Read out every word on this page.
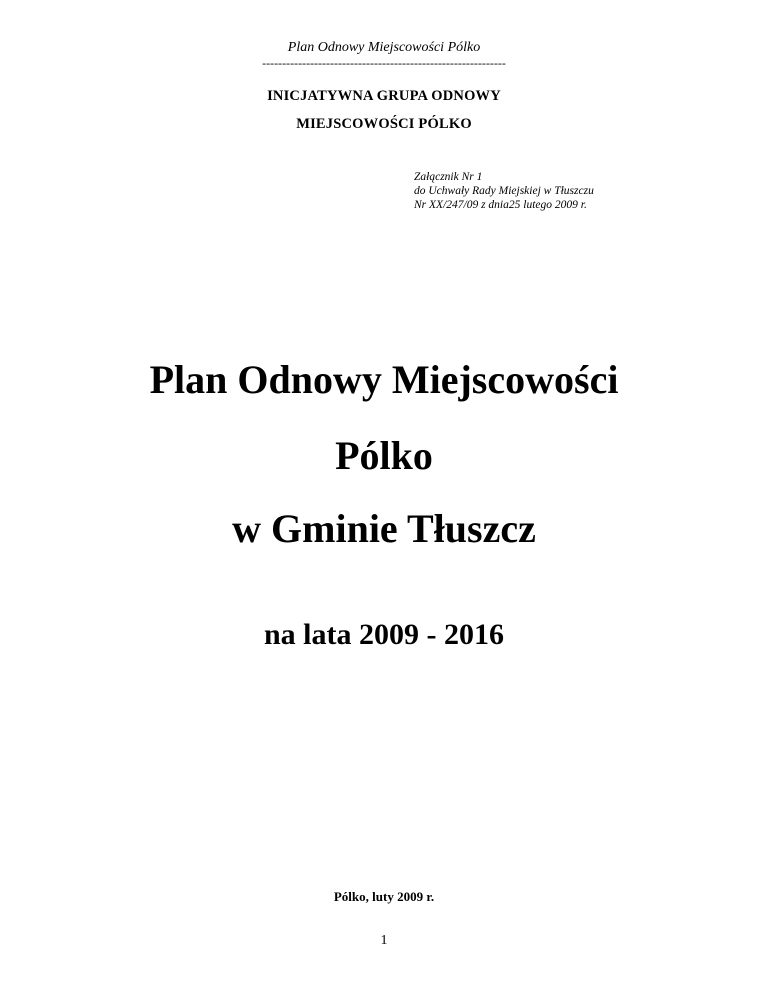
Plan Odnowy Miejscowości Pólko
-------------------------------------------------------------
INICJATYWNA GRUPA ODNOWY
MIEJSCOWOŚCI PÓLKO
Załącznik Nr 1
do Uchwały Rady Miejskiej w Tłuszczu
Nr XX/247/09 z dnia25 lutego 2009 r.
Plan Odnowy Miejscowości
Pólko
w Gminie Tłuszcz
na lata 2009 - 2016
Pólko, luty 2009 r.
1
